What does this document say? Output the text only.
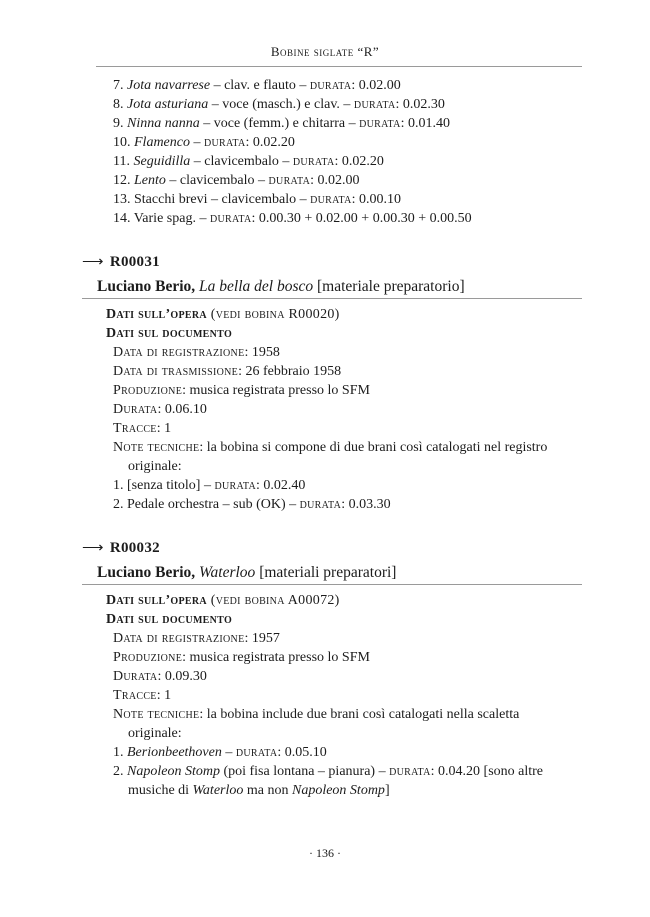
Bobine siglate “R”
7. Jota navarrese – clav. e flauto – durata: 0.02.00
8. Jota asturiana – voce (masch.) e clav. – durata: 0.02.30
9. Ninna nanna – voce (femm.) e chitarra – durata: 0.01.40
10. Flamenco – durata: 0.02.20
11. Seguidilla – clavicembalo – durata: 0.02.20
12. Lento – clavicembalo – durata: 0.02.00
13. Stacchi brevi – clavicembalo – durata: 0.00.10
14. Varie spag. – durata: 0.00.30 + 0.02.00 + 0.00.30 + 0.00.50
⟶ R00031
Luciano Berio, La bella del bosco [materiale preparatorio]
Dati sull’opera (vedi bobina R00020)
Dati sul documento
Data di registrazione: 1958
Data di trasmissione: 26 febbraio 1958
Produzione: musica registrata presso lo SFM
Durata: 0.06.10
Tracce: 1
Note tecniche: la bobina si compone di due brani così catalogati nel registro
originale:
1. [senza titolo] – durata: 0.02.40
2. Pedale orchestra – sub (OK) – durata: 0.03.30
⟶ R00032
Luciano Berio, Waterloo [materiali preparatori]
Dati sull’opera (vedi bobina A00072)
Dati sul documento
Data di registrazione: 1957
Produzione: musica registrata presso lo SFM
Durata: 0.09.30
Tracce: 1
Note tecniche: la bobina include due brani così catalogati nella scaletta
originale:
1. Berionbeethoven – durata: 0.05.10
2. Napoleon Stomp (poi fisa lontana – pianura) – durata: 0.04.20 [sono altre
musiche di Waterloo ma non Napoleon Stomp]
· 136 ·
